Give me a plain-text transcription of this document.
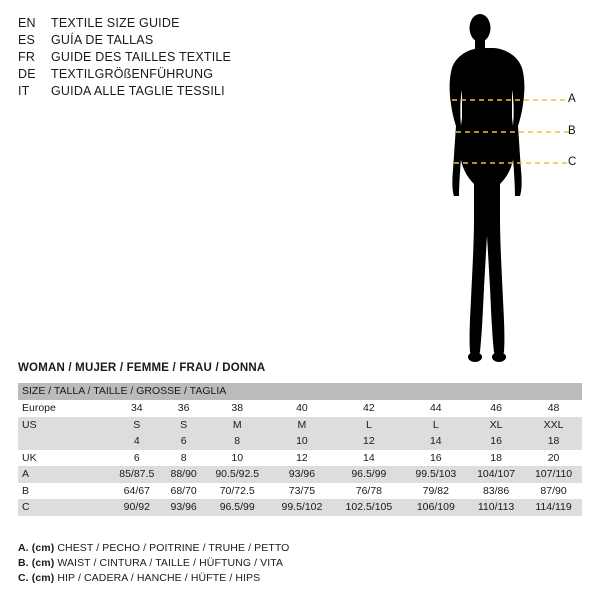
EN	TEXTILE SIZE GUIDE
ES	GUÍA DE TALLAS
FR	GUIDE DES TAILLES TEXTILE
DE	TEXTILGRÖßENFÜHRUNG
IT	GUIDA ALLE TAGLIE TESSILI
A
B
C
WOMAN / MUJER / FEMME / FRAU / DONNA
SIZE / TALLA / TAILLE / GROSSE / TAGLIA								
Europe	34	36	38	40	42	44	46	48
US	S	S	M	M	L	L	XL	XXL
	4	6	8	10	12	14	16	18
UK	6	8	10	12	14	16	18	20
A	85/87.5	88/90	90.5/92.5	93/96	96.5/99	99.5/103	104/107	107/110
B	64/67	68/70	70/72.5	73/75	76/78	79/82	83/86	87/90
C	90/92	93/96	96.5/99	99.5/102	102.5/105	106/109	110/113	114/119
A. (cm) CHEST / PECHO / POITRINE / TRUHE / PETTO
B. (cm) WAIST / CINTURA / TAILLE / HÜFTUNG / VITA
C. (cm) HIP / CADERA / HANCHE / HÜFTE / HIPS
